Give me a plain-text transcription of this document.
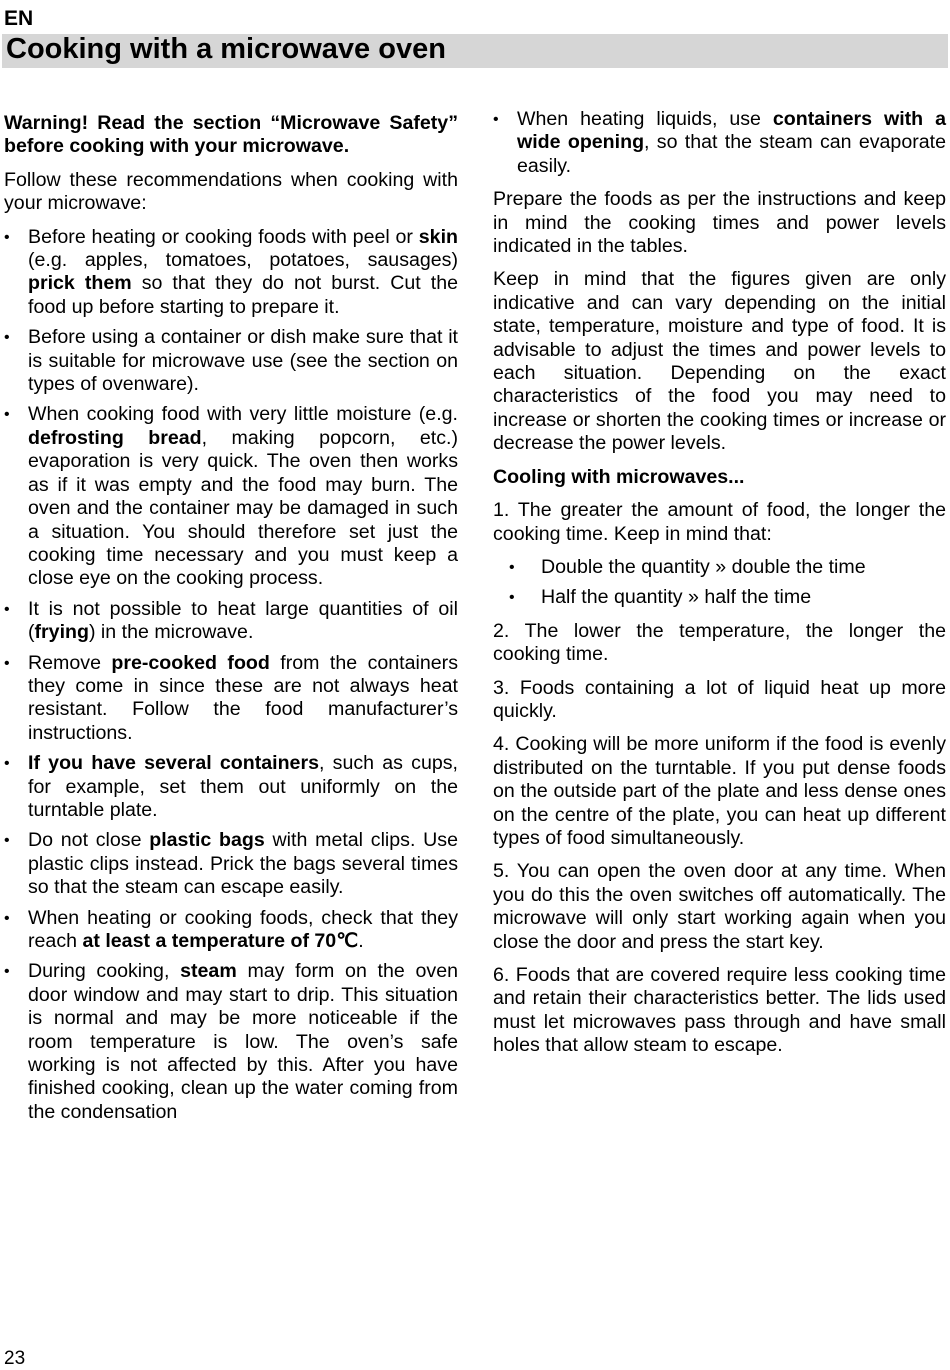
EN
Cooking with a microwave oven

Warning! Read the section “Microwave Safety” before cooking with your microwave.

Follow these recommendations when cooking with your microwave:

• Before heating or cooking foods with peel or skin (e.g. apples, tomatoes, potatoes, sausages) prick them so that they do not burst. Cut the food up before starting to prepare it.
• Before using a container or dish make sure that it is suitable for microwave use (see the section on types of ovenware).
• When cooking food with very little moisture (e.g. defrosting bread, making popcorn, etc.) evaporation is very quick. The oven then works as if it was empty and the food may burn. The oven and the container may be damaged in such a situation. You should therefore set just the cooking time necessary and you must keep a close eye on the cooking process.
• It is not possible to heat large quantities of oil (frying) in the microwave.
• Remove pre-cooked food from the containers they come in since these are not always heat resistant. Follow the food manufacturer’s instructions.
• If you have several containers, such as cups, for example, set them out uniformly on the turntable plate.
• Do not close plastic bags with metal clips. Use plastic clips instead. Prick the bags several times so that the steam can escape easily.
• When heating or cooking foods, check that they reach at least a temperature of 70℃.
• During cooking, steam may form on the oven door window and may start to drip. This situation is normal and may be more noticeable if the room temperature is low. The oven’s safe working is not affected by this. After you have finished cooking, clean up the water coming from the condensation
• When heating liquids, use containers with a wide opening, so that the steam can evaporate easily.

Prepare the foods as per the instructions and keep in mind the cooking times and power levels indicated in the tables.

Keep in mind that the figures given are only indicative and can vary depending on the initial state, temperature, moisture and type of food. It is advisable to adjust the times and power levels to each situation. Depending on the exact characteristics of the food you may need to increase or shorten the cooking times or increase or decrease the power levels.

Cooling with microwaves...

1. The greater the amount of food, the longer the cooking time. Keep in mind that:

• Double the quantity » double the time
• Half the quantity » half the time

2. The lower the temperature, the longer the cooking time.

3. Foods containing a lot of liquid heat up more quickly.

4. Cooking will be more uniform if the food is evenly distributed on the turntable. If you put dense foods on the outside part of the plate and less dense ones on the centre of the plate, you can heat up different types of food simultaneously.

5. You can open the oven door at any time. When you do this the oven switches off automatically. The microwave will only start working again when you close the door and press the start key.

6. Foods that are covered require less cooking time and retain their characteristics better. The lids used must let microwaves pass through and have small holes that allow steam to escape.

23
